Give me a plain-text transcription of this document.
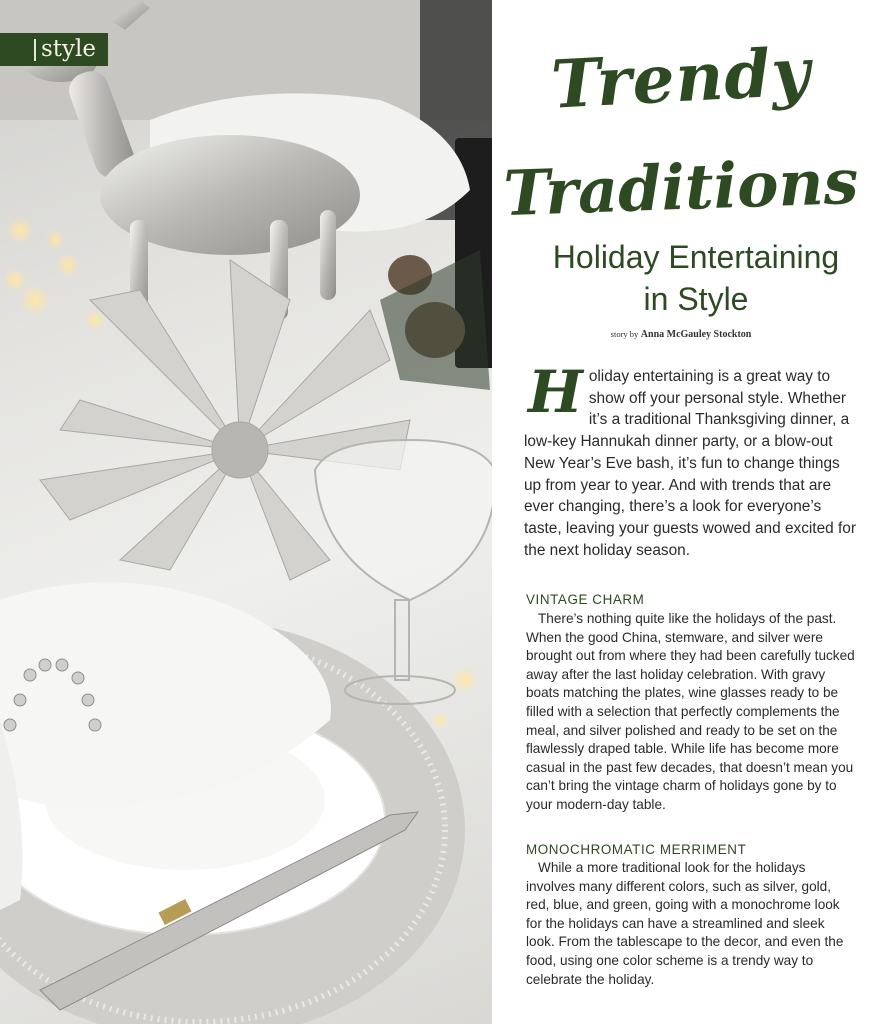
style	Trendy
Traditions
Holiday Entertaining
in Style
story by Anna McGauley Stockton
Holiday entertaining is a great way to show off your personal style. Whether it’s a traditional Thanksgiving dinner, a low-key Hannukah dinner party, or a blow-out New Year’s Eve bash, it’s fun to change things up from year to year. And with trends that are ever changing, there’s a look for everyone’s taste, leaving your guests wowed and excited for the next holiday season.
VINTAGE CHARM
There’s nothing quite like the holidays of the past. When the good China, stemware, and silver were brought out from where they had been carefully tucked away after the last holiday celebration. With gravy boats matching the plates, wine glasses ready to be filled with a selection that perfectly complements the meal, and silver polished and ready to be set on the flawlessly draped table. While life has become more casual in the past few decades, that doesn’t mean you can’t bring the vintage charm of holidays gone by to your modern-day table.
MONOCHROMATIC MERRIMENT
While a more traditional look for the holidays involves many different colors, such as silver, gold, red, blue, and green, going with a monochrome look for the holidays can have a streamlined and sleek look. From the tablescape to the decor, and even the food, using one color scheme is a trendy way to celebrate the holiday.
